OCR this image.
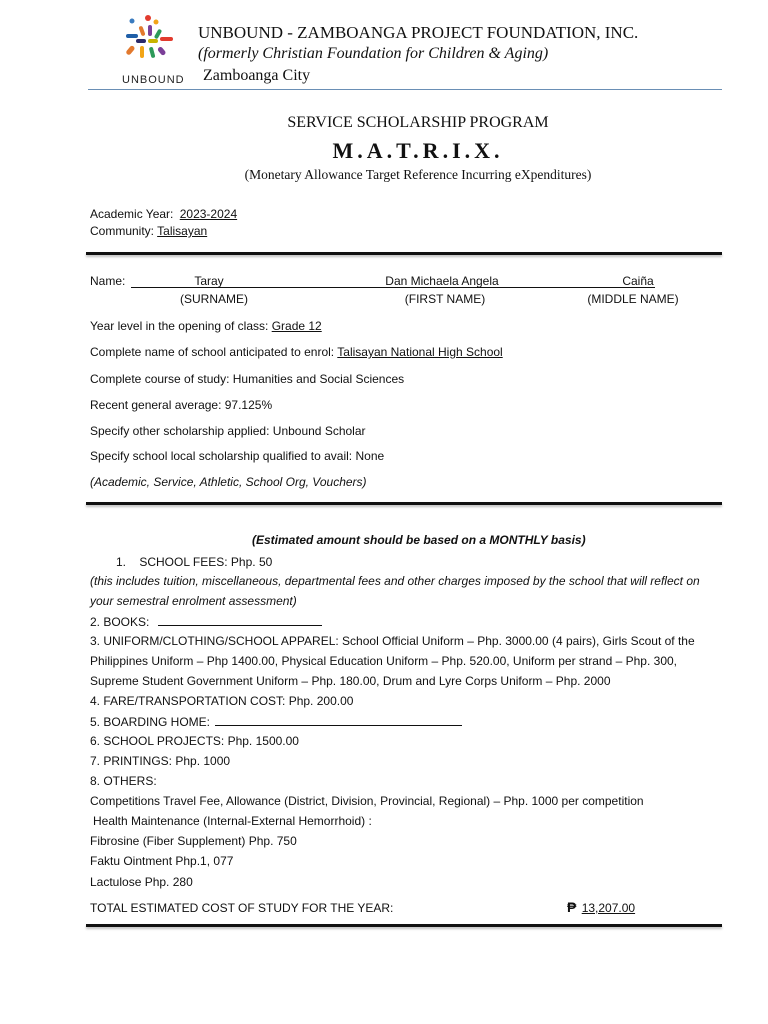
UNBOUND
UNBOUND - ZAMBOANGA PROJECT FOUNDATION, INC.
(formerly Christian Foundation for Children & Aging)
Zamboanga City
SERVICE SCHOLARSHIP PROGRAM
M.A.T.R.I.X.
(Monetary Allowance Target Reference Incurring eXpenditures)
Academic Year: 2023-2024
Community: Talisayan
Name:	Taray	Dan Michaela Angela	Caiña
(SURNAME)	(FIRST NAME)	(MIDDLE NAME)
Year level in the opening of class: Grade 12
Complete name of school anticipated to enrol: Talisayan National High School
Complete course of study: Humanities and Social Sciences
Recent general average: 97.125%
Specify other scholarship applied: Unbound Scholar
Specify school local scholarship qualified to avail: None
(Academic, Service, Athletic, School Org, Vouchers)
(Estimated amount should be based on a MONTHLY basis)
1.    SCHOOL FEES: Php. 50
(this includes tuition, miscellaneous, departmental fees and other charges imposed by the school that will reflect on
your semestral enrolment assessment)
2. BOOKS:
3. UNIFORM/CLOTHING/SCHOOL APPAREL: School Official Uniform – Php. 3000.00 (4 pairs), Girls Scout of the
Philippines Uniform – Php 1400.00, Physical Education Uniform – Php. 520.00, Uniform per strand – Php. 300,
Supreme Student Government Uniform – Php. 180.00, Drum and Lyre Corps Uniform – Php. 2000
4. FARE/TRANSPORTATION COST: Php. 200.00
5. BOARDING HOME:
6. SCHOOL PROJECTS: Php. 1500.00
7. PRINTINGS: Php. 1000
8. OTHERS:
Competitions Travel Fee, Allowance (District, Division, Provincial, Regional) – Php. 1000 per competition
Health Maintenance (Internal-External Hemorrhoid) :
Fibrosine (Fiber Supplement) Php. 750
Faktu Ointment Php.1, 077
Lactulose Php. 280
TOTAL ESTIMATED COST OF STUDY FOR THE YEAR:	₱ 13,207.00
